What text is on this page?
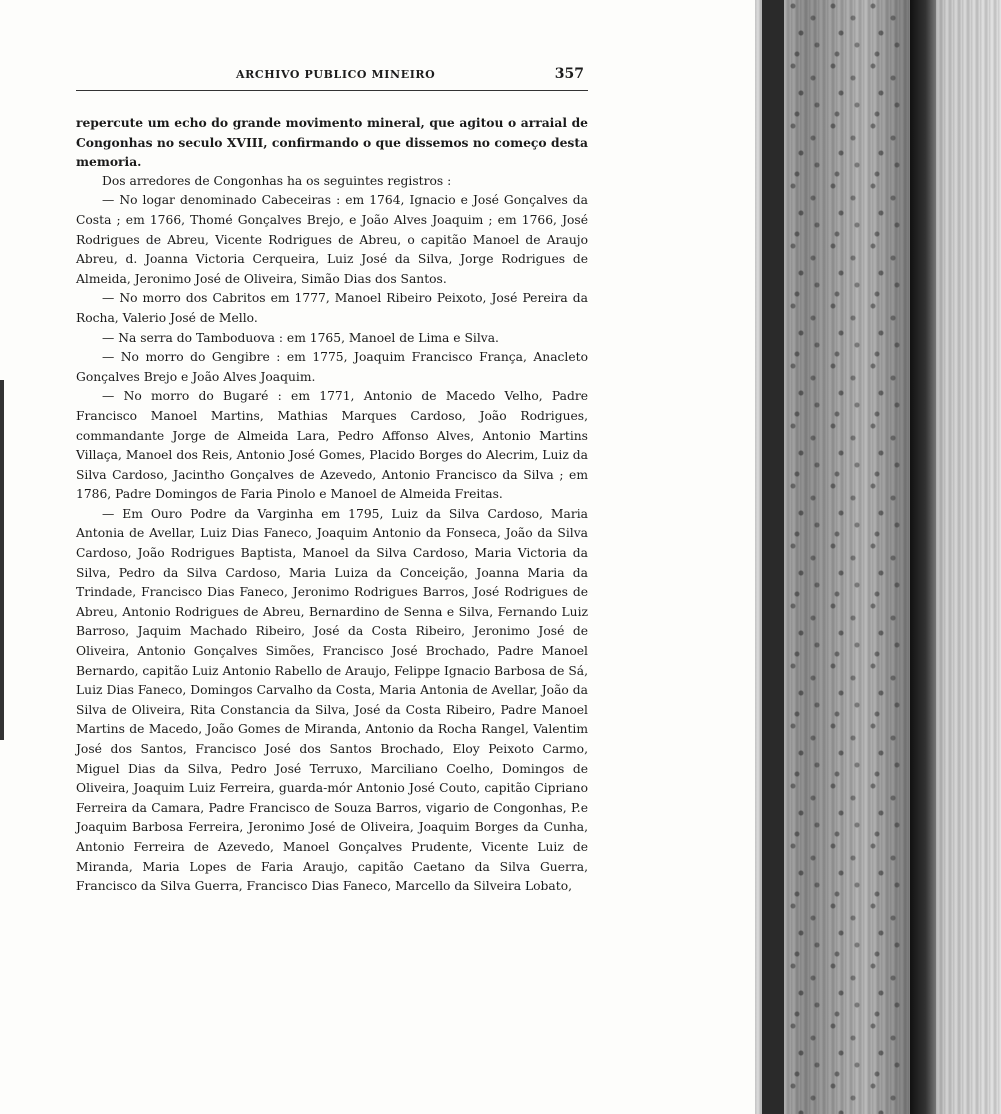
ARCHIVO PUBLICO MINEIRO	357

repercute um echo do grande movimento mineral, que agitou o arraial de Congonhas no seculo XVIII, confirmando o que dissemos no começo desta memoria.

Dos arredores de Congonhas ha os seguintes registros :

— No logar denominado Cabeceiras : em 1764, Ignacio e José Gonçalves da Costa ; em 1766, Thomé Gonçalves Brejo, e João Alves Joaquim ; em 1766, José Rodrigues de Abreu, Vicente Rodrigues de Abreu, o capitão Manoel de Araujo Abreu, d. Joanna Victoria Cerqueira, Luiz José da Silva, Jorge Rodrigues de Almeida, Jeronimo José de Oliveira, Simão Dias dos Santos.

— No morro dos Cabritos em 1777, Manoel Ribeiro Peixoto, José Pereira da Rocha, Valerio José de Mello.

— Na serra do Tamboduova : em 1765, Manoel de Lima e Silva.

— No morro do Gengibre : em 1775, Joaquim Francisco França, Anacleto Gonçalves Brejo e João Alves Joaquim.

— No morro do Bugaré : em 1771, Antonio de Macedo Velho, Padre Francisco Manoel Martins, Mathias Marques Cardoso, João Rodrigues, commandante Jorge de Almeida Lara, Pedro Affonso Alves, Antonio Martins Villaça, Manoel dos Reis, Antonio José Gomes, Placido Borges do Alecrim, Luiz da Silva Cardoso, Jacintho Gonçalves de Azevedo, Antonio Francisco da Silva ; em 1786, Padre Domingos de Faria Pinolo e Manoel de Almeida Freitas.

— Em Ouro Podre da Varginha em 1795, Luiz da Silva Cardoso, Maria Antonia de Avellar, Luiz Dias Faneco, Joaquim Antonio da Fonseca, João da Silva Cardoso, João Rodrigues Baptista, Manoel da Silva Cardoso, Maria Victoria da Silva, Pedro da Silva Cardoso, Maria Luiza da Conceição, Joanna Maria da Trindade, Francisco Dias Faneco, Jeronimo Rodrigues Barros, José Rodrigues de Abreu, Antonio Rodrigues de Abreu, Bernardino de Senna e Silva, Fernando Luiz Barroso, Jaquim Machado Ribeiro, José da Costa Ribeiro, Jeronimo José de Oliveira, Antonio Gonçalves Simões, Francisco José Brochado, Padre Manoel Bernardo, capitão Luiz Antonio Rabello de Araujo, Felippe Ignacio Barbosa de Sá, Luiz Dias Faneco, Domingos Carvalho da Costa, Maria Antonia de Avellar, João da Silva de Oliveira, Rita Constancia da Silva, José da Costa Ribeiro, Padre Manoel Martins de Macedo, João Gomes de Miranda, Antonio da Rocha Rangel, Valentim José dos Santos, Francisco José dos Santos Brochado, Eloy Peixoto Carmo, Miguel Dias da Silva, Pedro José Terruxo, Marciliano Coelho, Domingos de Oliveira, Joaquim Luiz Ferreira, guarda-mór Antonio José Couto, capitão Cipriano Ferreira da Camara, Padre Francisco de Souza Barros, vigario de Congonhas, P.e Joaquim Barbosa Ferreira, Jeronimo José de Oliveira, Joaquim Borges da Cunha, Antonio Ferreira de Azevedo, Manoel Gonçalves Prudente, Vicente Luiz de Miranda, Maria Lopes de Faria Araujo, capitão Caetano da Silva Guerra, Francisco da Silva Guerra, Francisco Dias Faneco, Marcello da Silveira Lobato,
